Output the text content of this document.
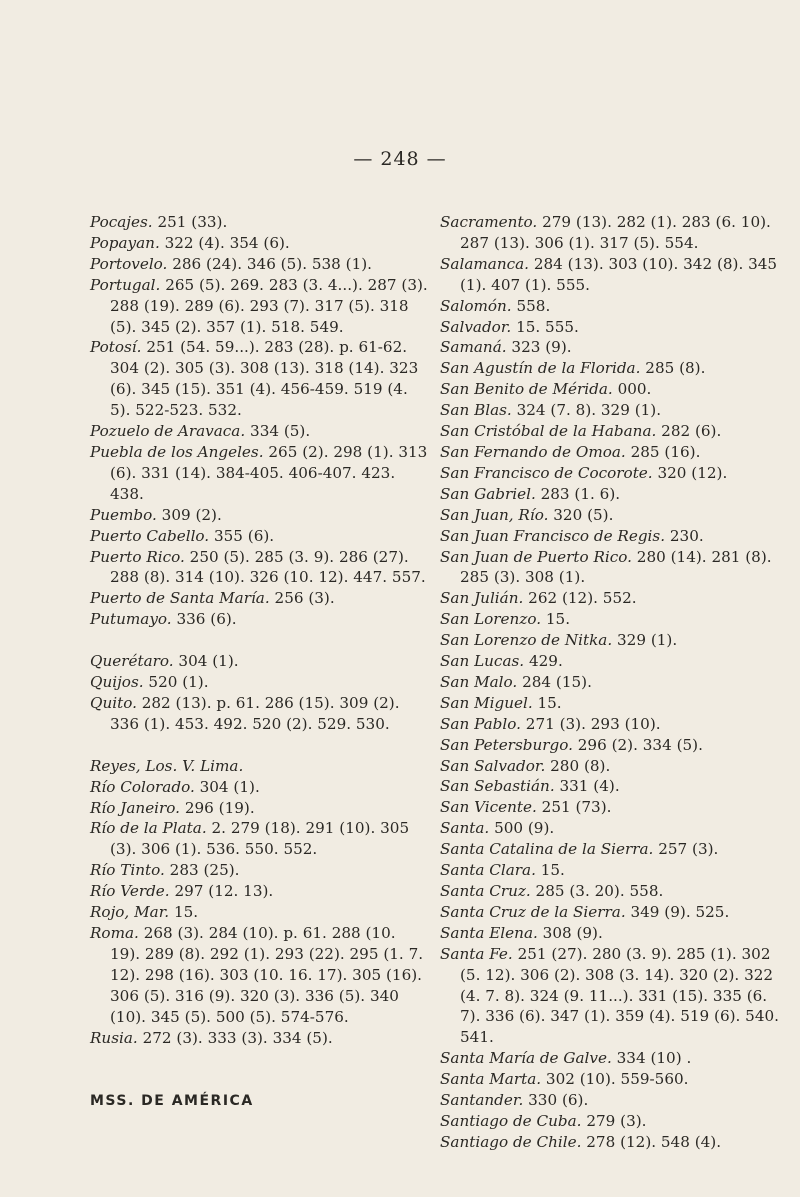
— 248 —

Pocajes. 251 (33).

Popayan. 322 (4). 354 (6).

Portovelo. 286 (24). 346 (5). 538 (1).

Portugal. 265 (5). 269. 283 (3. 4...). 287 (3). 288 (19). 289 (6). 293 (7). 317 (5). 318 (5). 345 (2). 357 (1). 518. 549.

Potosí. 251 (54. 59...). 283 (28). p. 61-62. 304 (2). 305 (3). 308 (13). 318 (14). 323 (6). 345 (15). 351 (4). 456-459. 519 (4. 5). 522-523. 532.

Pozuelo de Aravaca. 334 (5).

Puebla de los Angeles. 265 (2). 298 (1). 313 (6). 331 (14). 384-405. 406-407. 423. 438.

Puembo. 309 (2).

Puerto Cabello. 355 (6).

Puerto Rico. 250 (5). 285 (3. 9). 286 (27). 288 (8). 314 (10). 326 (10. 12). 447. 557.

Puerto de Santa María. 256 (3).

Putumayo. 336 (6).

Querétaro. 304 (1).

Quijos. 520 (1).

Quito. 282 (13). p. 61. 286 (15). 309 (2). 336 (1). 453. 492. 520 (2). 529. 530.

Reyes, Los. V. Lima.

Río Colorado. 304 (1).

Río Janeiro. 296 (19).

Río de la Plata. 2. 279 (18). 291 (10). 305 (3). 306 (1). 536. 550. 552.

Río Tinto. 283 (25).

Río Verde. 297 (12. 13).

Rojo, Mar. 15.

Roma. 268 (3). 284 (10). p. 61. 288 (10. 19). 289 (8). 292 (1). 293 (22). 295 (1. 7. 12). 298 (16). 303 (10. 16. 17). 305 (16). 306 (5). 316 (9). 320 (3). 336 (5). 340 (10). 345 (5). 500 (5). 574-576.

Rusia. 272 (3). 333 (3). 334 (5).

Sacramento. 279 (13). 282 (1). 283 (6. 10). 287 (13). 306 (1). 317 (5). 554.

Salamanca. 284 (13). 303 (10). 342 (8). 345 (1). 407 (1). 555.

Salomón. 558.

Salvador. 15. 555.

Samaná. 323 (9).

San Agustín de la Florida. 285 (8).

San Benito de Mérida. 000.

San Blas. 324 (7. 8). 329 (1).

San Cristóbal de la Habana. 282 (6).

San Fernando de Omoa. 285 (16).

San Francisco de Cocorote. 320 (12).

San Gabriel. 283 (1. 6).

San Juan, Río. 320 (5).

San Juan Francisco de Regis. 230.

San Juan de Puerto Rico. 280 (14). 281 (8). 285 (3). 308 (1).

San Julián. 262 (12). 552.

San Lorenzo. 15.

San Lorenzo de Nitka. 329 (1).

San Lucas. 429.

San Malo. 284 (15).

San Miguel. 15.

San Pablo. 271 (3). 293 (10).

San Petersburgo. 296 (2). 334 (5).

San Salvador. 280 (8).

San Sebastián. 331 (4).

San Vicente. 251 (73).

Santa. 500 (9).

Santa Catalina de la Sierra. 257 (3).

Santa Clara. 15.

Santa Cruz. 285 (3. 20). 558.

Santa Cruz de la Sierra. 349 (9). 525.

Santa Elena. 308 (9).

Santa Fe. 251 (27). 280 (3. 9). 285 (1). 302 (5. 12). 306 (2). 308 (3. 14). 320 (2). 322 (4. 7. 8). 324 (9. 11...). 331 (15). 335 (6. 7). 336 (6). 347 (1). 359 (4). 519 (6). 540. 541.

Santa María de Galve. 334 (10) .

Santa Marta. 302 (10). 559-560.

Santander. 330 (6).

Santiago de Cuba. 279 (3).

Santiago de Chile. 278 (12). 548 (4).

MSS. DE AMÉRICA
